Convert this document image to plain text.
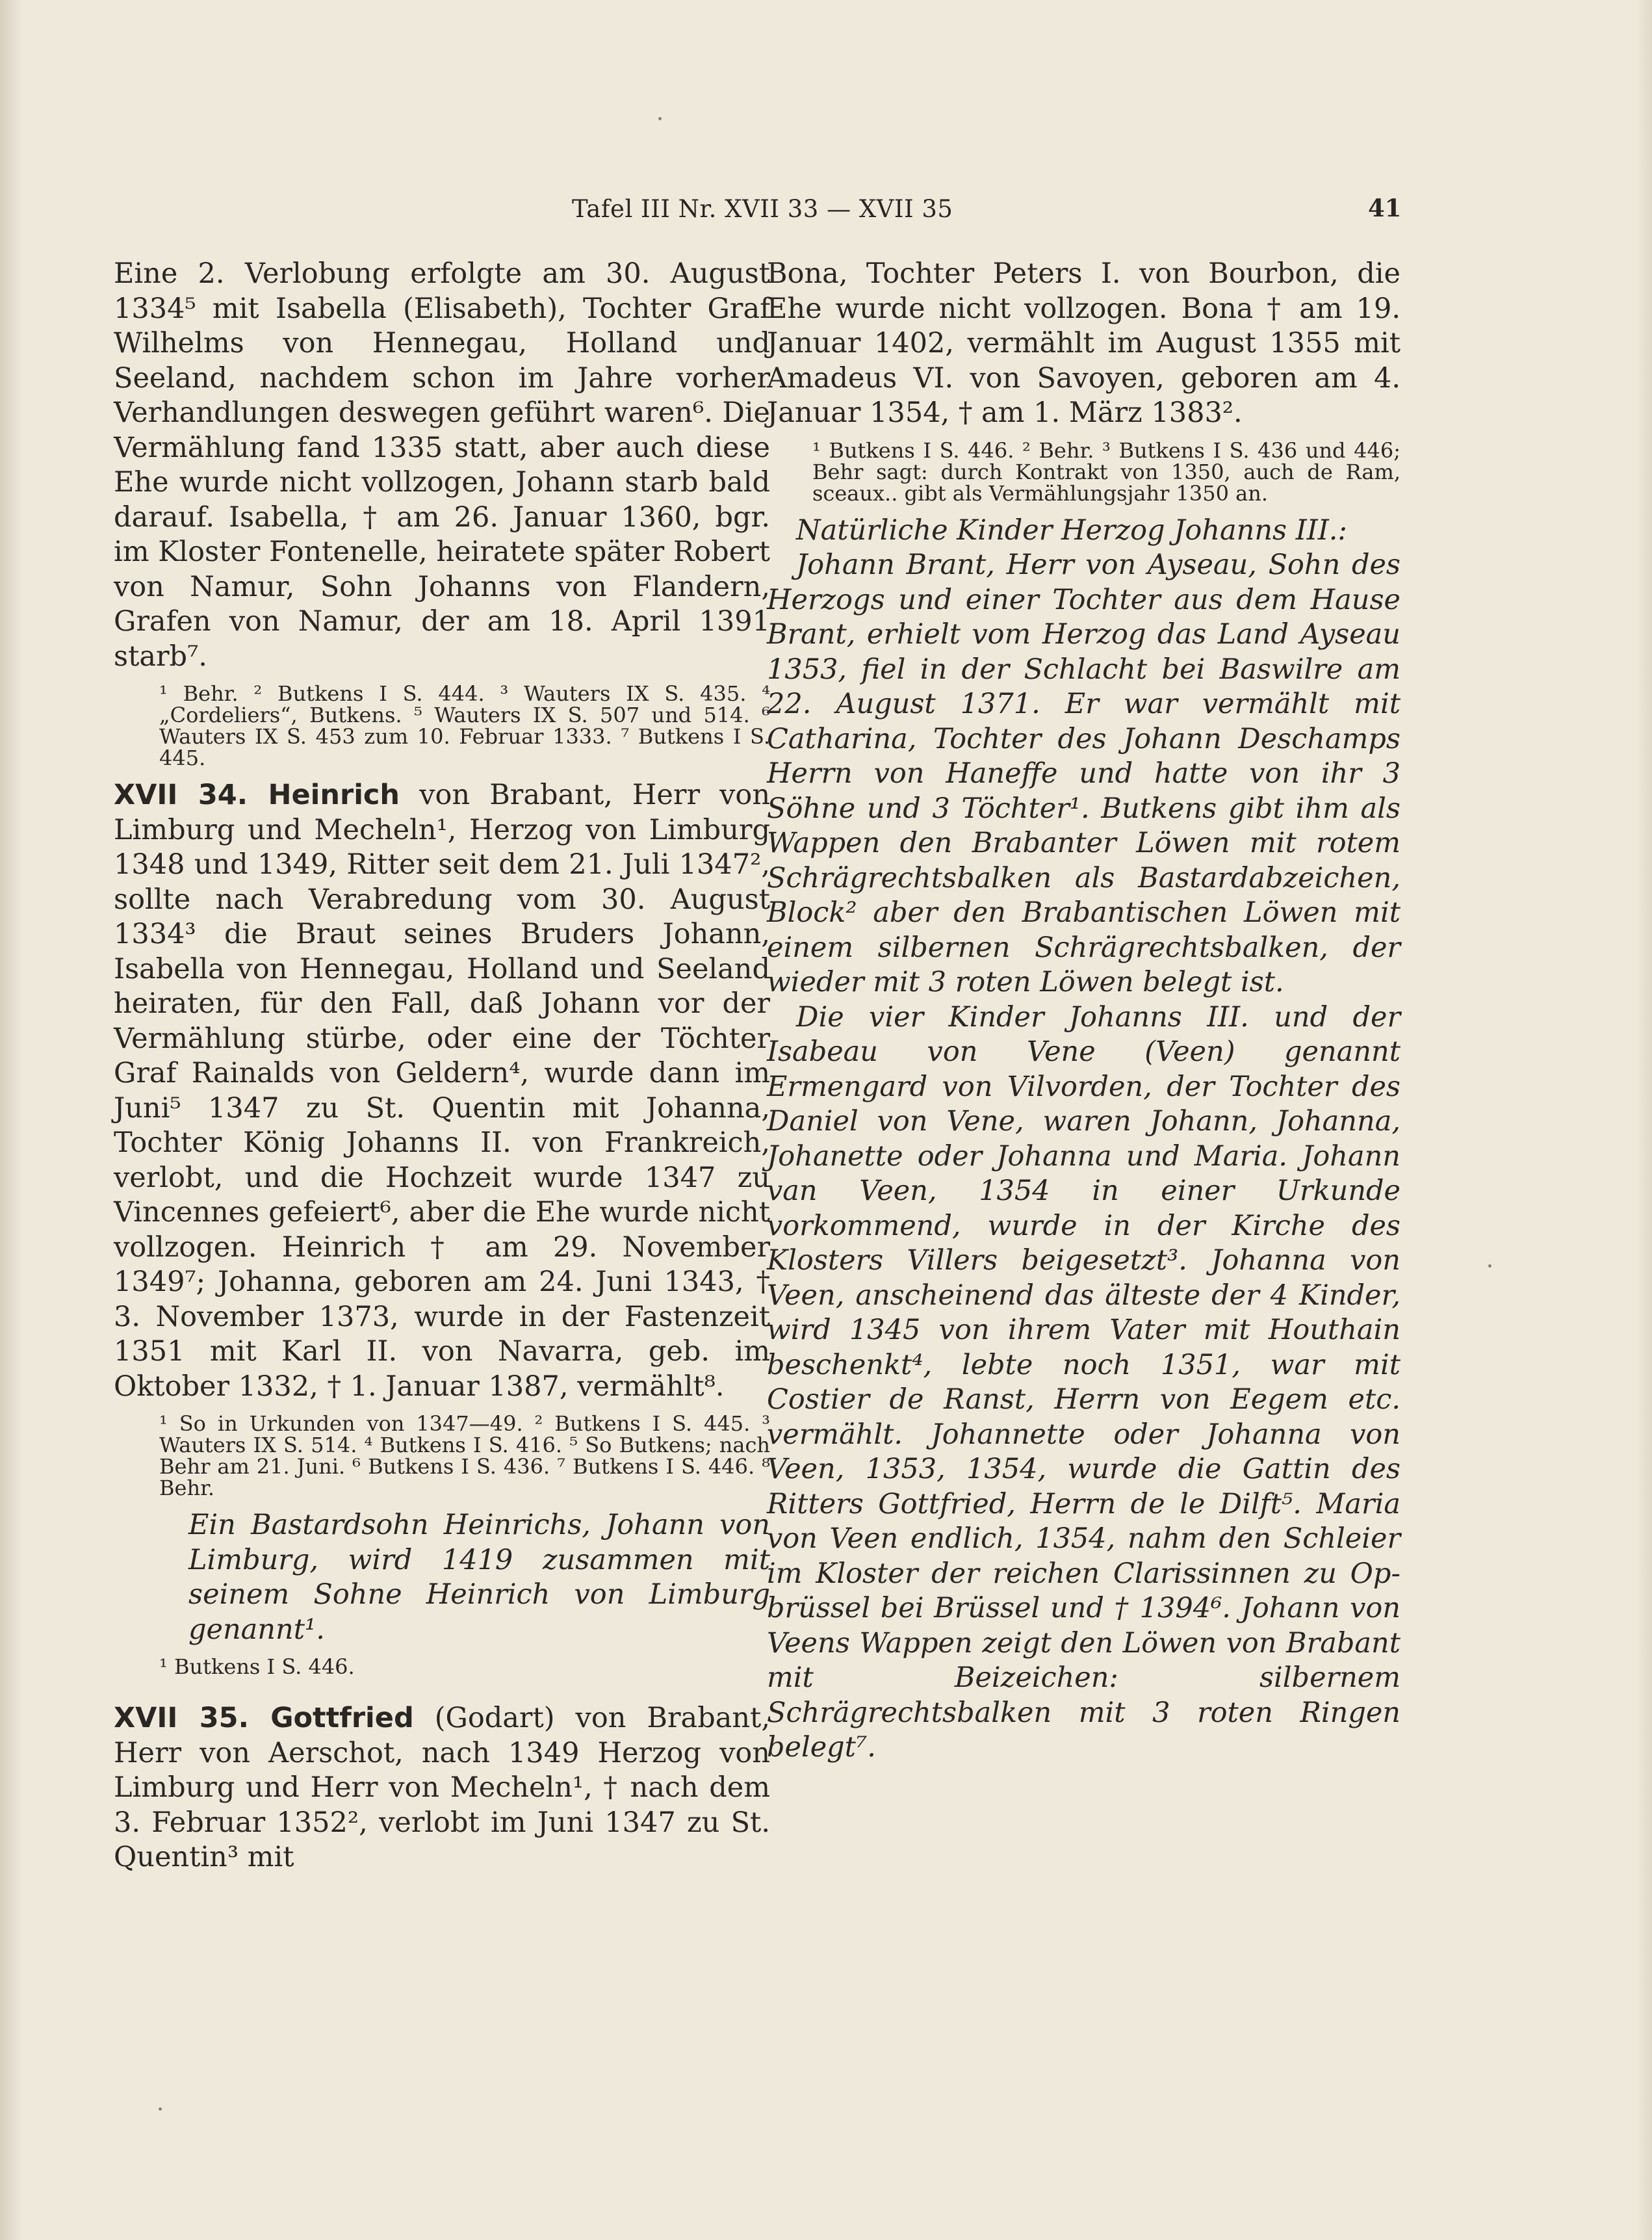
Tafel III Nr. XVII 33 — XVII 35	41

Eine 2. Verlobung erfolgte am 30. August 1334⁵ mit Isabella (Elisabeth), Tochter Graf Wilhelms von Hennegau, Holland und Seeland, nachdem schon im Jahre vorher Verhandlungen deswegen geführt waren⁶. Die Vermählung fand 1335 statt, aber auch diese Ehe wurde nicht vollzogen, Johann starb bald darauf. Isabella, † am 26. Januar 1360, bgr. im Kloster Fontenelle, heiratete später Robert von Namur, Sohn Johanns von Flandern, Grafen von Namur, der am 18. April 1391 starb⁷.

¹ Behr. ² Butkens I S. 444. ³ Wauters IX S. 435. ⁴ „Cordeliers“, Butkens. ⁵ Wauters IX S. 507 und 514. ⁶ Wauters IX S. 453 zum 10. Februar 1333. ⁷ Butkens I S. 445.

XVII 34. Heinrich von Brabant, Herr von Limburg und Mecheln¹, Herzog von Limburg 1348 und 1349, Ritter seit dem 21. Juli 1347², sollte nach Verabredung vom 30. August 1334³ die Braut seines Bruders Johann, Isabella von Hennegau, Holland und Seeland heiraten, für den Fall, daß Johann vor der Vermählung stürbe, oder eine der Töchter Graf Rainalds von Geldern⁴, wurde dann im Juni⁵ 1347 zu St. Quentin mit Johanna, Tochter König Johanns II. von Frankreich, verlobt, und die Hochzeit wurde 1347 zu Vincennes gefeiert⁶, aber die Ehe wurde nicht vollzogen. Heinrich † am 29. November 1349⁷; Johanna, geboren am 24. Juni 1343, † 3. November 1373, wurde in der Fastenzeit 1351 mit Karl II. von Navarra, geb. im Oktober 1332, † 1. Januar 1387, vermählt⁸.

¹ So in Urkunden von 1347—49. ² Butkens I S. 445. ³ Wauters IX S. 514. ⁴ Butkens I S. 416. ⁵ So Butkens; nach Behr am 21. Juni. ⁶ Butkens I S. 436. ⁷ Butkens I S. 446. ⁸ Behr.

Ein Bastardsohn Heinrichs, Johann von Limburg, wird 1419 zusammen mit seinem Sohne Heinrich von Limburg genannt¹.

¹ Butkens I S. 446.

XVII 35. Gottfried (Godart) von Brabant, Herr von Aerschot, nach 1349 Herzog von Limburg und Herr von Mecheln¹, † nach dem 3. Februar 1352², verlobt im Juni 1347 zu St. Quentin³ mit

Bona, Tochter Peters I. von Bourbon, die Ehe wurde nicht vollzogen. Bona † am 19. Januar 1402, vermählt im August 1355 mit Amadeus VI. von Savoyen, geboren am 4. Januar 1354, † am 1. März 1383².

¹ Butkens I S. 446. ² Behr. ³ Butkens I S. 436 und 446; Behr sagt: durch Kontrakt von 1350, auch de Ram, sceaux.. gibt als Vermählungsjahr 1350 an.

Natürliche Kinder Herzog Johanns III.:

Johann Brant, Herr von Ayseau, Sohn des Herzogs und einer Tochter aus dem Hause Brant, erhielt vom Herzog das Land Ayseau 1353, fiel in der Schlacht bei Baswilre am 22. August 1371. Er war vermählt mit Catharina, Tochter des Johann Deschamps Herrn von Haneffe und hatte von ihr 3 Söhne und 3 Töchter¹. Butkens gibt ihm als Wappen den Brabanter Löwen mit rotem Schrägrechtsbalken als Bastardabzeichen, Block² aber den Brabantischen Löwen mit einem silbernen Schrägrechtsbalken, der wieder mit 3 roten Löwen belegt ist.

Die vier Kinder Johanns III. und der Isabeau von Vene (Veen) genannt Ermengard von Vilvorden, der Tochter des Daniel von Vene, waren Johann, Johanna, Johanette oder Johanna und Maria. Johann van Veen, 1354 in einer Urkunde vorkommend, wurde in der Kirche des Klosters Villers beigesetzt³. Johanna von Veen, anscheinend das älteste der 4 Kinder, wird 1345 von ihrem Vater mit Houthain beschenkt⁴, lebte noch 1351, war mit Costier de Ranst, Herrn von Eegem etc. vermählt. Johannette oder Johanna von Veen, 1353, 1354, wurde die Gattin des Ritters Gottfried, Herrn de le Dilft⁵. Maria von Veen endlich, 1354, nahm den Schleier im Kloster der reichen Clarissinnen zu Op-brüssel bei Brüssel und † 1394⁶. Johann von Veens Wappen zeigt den Löwen von Brabant mit Beizeichen: silbernem Schrägrechtsbalken mit 3 roten Ringen belegt⁷.
